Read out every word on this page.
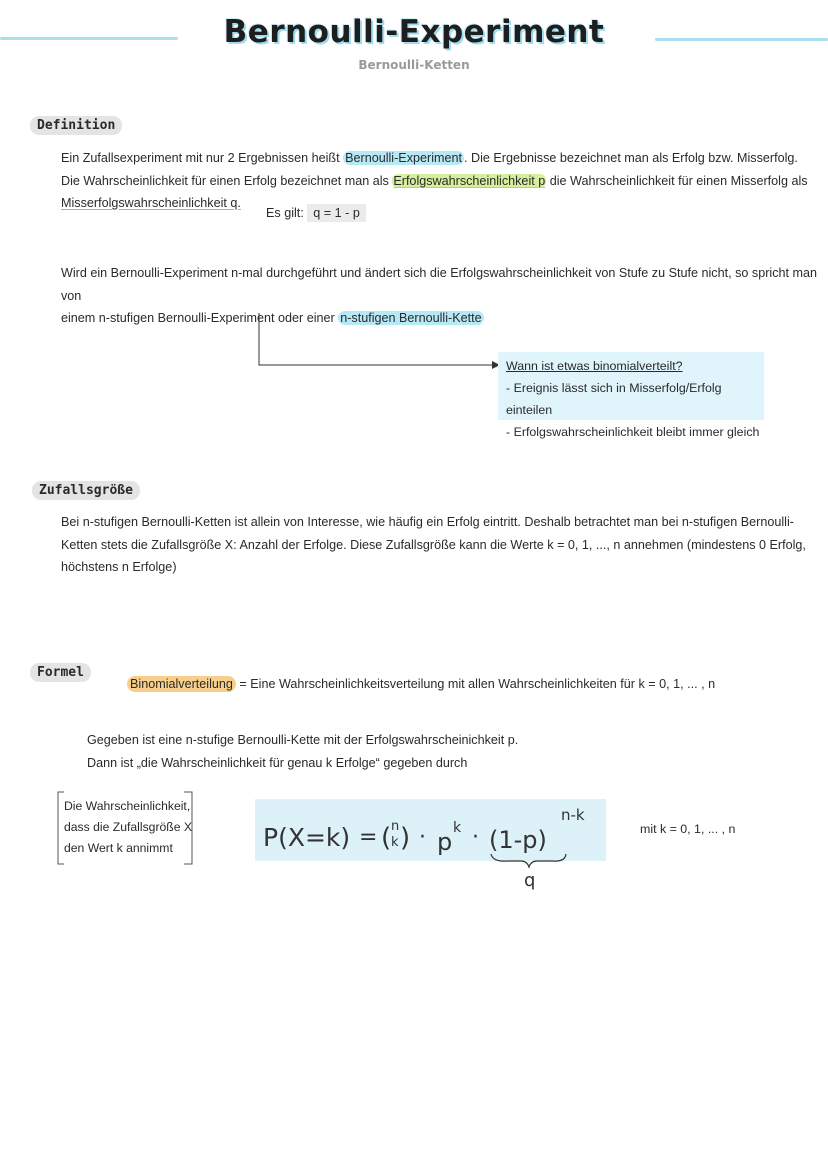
Bernoulli-Experiment
Bernoulli-Ketten
Definition
Ein Zufallsexperiment mit nur 2 Ergebnissen heißt Bernoulli-Experiment . Die Ergebnisse bezeichnet man als Erfolg bzw. Misserfolg.
Die Wahrscheinlichkeit für einen Erfolg bezeichnet man als Erfolgswahrscheinlichkeit p die Wahrscheinlichkeit für einen Misserfolg als
Misserfolgswahrscheinlichkeit q.
Es gilt: q = 1 - p
Wird ein Bernoulli-Experiment n-mal durchgeführt und ändert sich die Erfolgswahrscheinlichkeit von Stufe zu Stufe nicht, so spricht man von
einem n-stufigen Bernoulli-Experiment oder einer n-stufigen Bernoulli-Kette
Wann ist etwas binomialverteilt?
- Ereignis lässt sich in Misserfolg/Erfolg einteilen
- Erfolgswahrscheinlichkeit bleibt immer gleich
Zufallsgröße
Bei n-stufigen Bernoulli-Ketten ist allein von Interesse, wie häufig ein Erfolg eintritt. Deshalb betrachtet man bei n-stufigen Bernoulli-
Ketten stets die Zufallsgröße X: Anzahl der Erfolge. Diese Zufallsgröße kann die Werte k = 0, 1, ..., n annehmen (mindestens 0 Erfolg,
höchstens n Erfolge)
Formel
Binomialverteilung = Eine Wahrscheinlichkeitsverteilung mit allen Wahrscheinlichkeiten für k = 0, 1, ... , n
Gegeben ist eine n-stufige Bernoulli-Kette mit der Erfolgswahrscheinichkeit p.
Dann ist „die Wahrscheinlichkeit für genau k Erfolge“ gegeben durch
Die Wahrscheinlichkeit,
dass die Zufallsgröße X
den Wert k annimmt	P(X=k) = ( n
k ) · p k · (1-p)
n-k
q
mit k = 0, 1, ... , n
